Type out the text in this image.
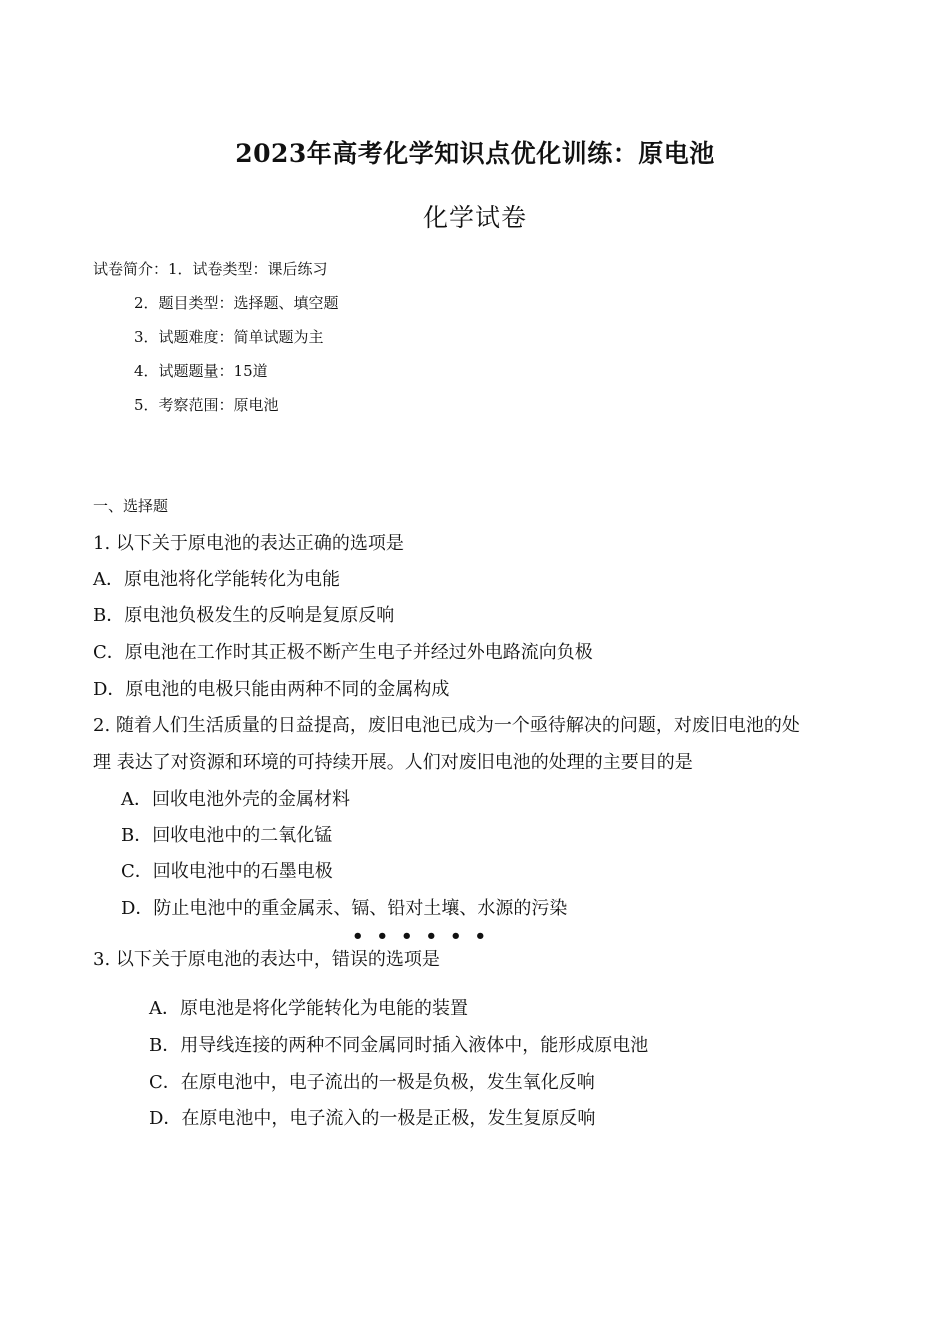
2023年高考化学知识点优化训练：原电池
化学试卷
试卷简介：1．试卷类型：课后练习
2．题目类型：选择题、填空题
3．试题难度：简单试题为主
4．试题题量：15道
5．考察范围：原电池
一、选择题
1. 以下关于原电池的表达正确的选项是
A．原电池将化学能转化为电能
B．原电池负极发生的反响是复原反响
C．原电池在工作时其正极不断产生电子并经过外电路流向负极
D．原电池的电极只能由两种不同的金属构成
2. 随着人们生活质量的日益提高，废旧电池已成为一个亟待解决的问题，对废旧电池的处
理 表达了对资源和环境的可持续开展。人们对废旧电池的处理的主要目的是
A．回收电池外壳的金属材料
B．回收电池中的二氧化锰
C．回收电池中的石墨电极
D．防止电池中的重金属汞、镉、铅对土壤、水源的污染
••••••
3. 以下关于原电池的表达中，错误的选项是
A．原电池是将化学能转化为电能的装置
B．用导线连接的两种不同金属同时插入液体中，能形成原电池
C．在原电池中，电子流出的一极是负极，发生氧化反响
D．在原电池中，电子流入的一极是正极，发生复原反响
